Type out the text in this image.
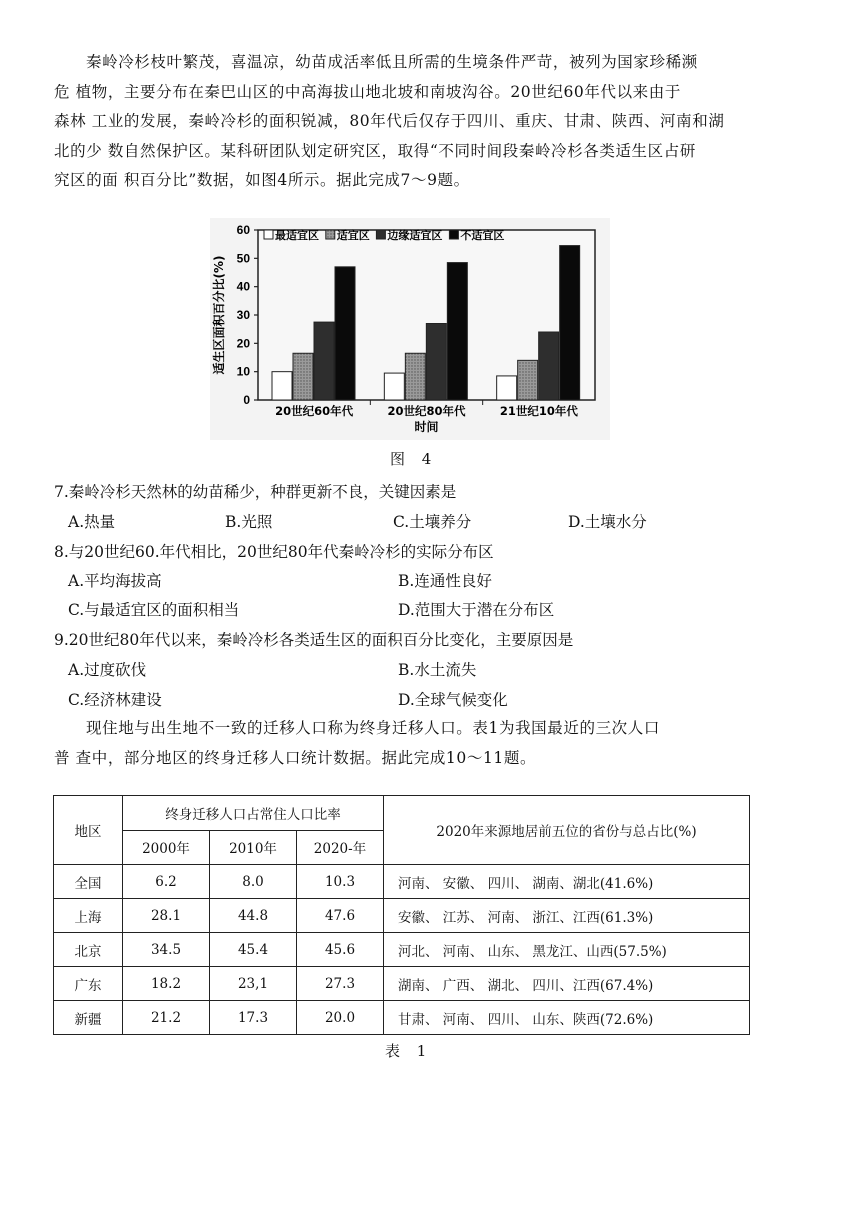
秦岭冷杉枝叶繁茂，喜温凉，幼苗成活率低且所需的生境条件严苛，被列为国家珍稀濒
危 植物，主要分布在秦巴山区的中高海拔山地北坡和南坡沟谷。20世纪60年代以来由于
森林 工业的发展，秦岭冷杉的面积锐减，80年代后仅存于四川、重庆、甘肃、陕西、河南和湖
北的少 数自然保护区。某科研团队划定研究区，取得“不同时间段秦岭冷杉各类适生区占研
究区的面 积百分比”数据，如图4所示。据此完成7～9题。
0
10
20
30
40
50
60
适生区面积百分比(%)
20世纪60年代	20世纪80年代	21世纪10年代
时间
最适宜区 适宜区 边缘适宜区 不适宜区
图 4
7.秦岭冷杉天然林的幼苗稀少，种群更新不良，关键因素是
A.热量	B.光照	C.土壤养分	D.土壤水分
8.与20世纪60.年代相比，20世纪80年代秦岭冷杉的实际分布区
A.平均海拔高	B.连通性良好
C.与最适宜区的面积相当	D.范围大于潜在分布区
9.20世纪80年代以来，秦岭冷杉各类适生区的面积百分比变化，主要原因是
A.过度砍伐	B.水土流失
C.经济林建设	D.全球气候变化
现住地与出生地不一致的迁移人口称为终身迁移人口。表1为我国最近的三次人口
普 查中，部分地区的终身迁移人口统计数据。据此完成10～11题。
地区	终身迁移人口占常住人口比率			2020年来源地居前五位的省份与总占比(%)
	2000年	2010年	2020-年	
全国	6.2	8.0	10.3	河南、 安徽、 四川、 湖南、湖北(41.6%)
上海	28.1	44.8	47.6	安徽、 江苏、 河南、 浙江、江西(61.3%)
北京	34.5	45.4	45.6	河北、 河南、 山东、 黑龙江、山西(57.5%)
广东	18.2	23,1	27.3	湖南、 广西、 湖北、 四川、江西(67.4%)
新疆	21.2	17.3	20.0	甘肃、 河南、 四川、 山东、陕西(72.6%)
表 1
